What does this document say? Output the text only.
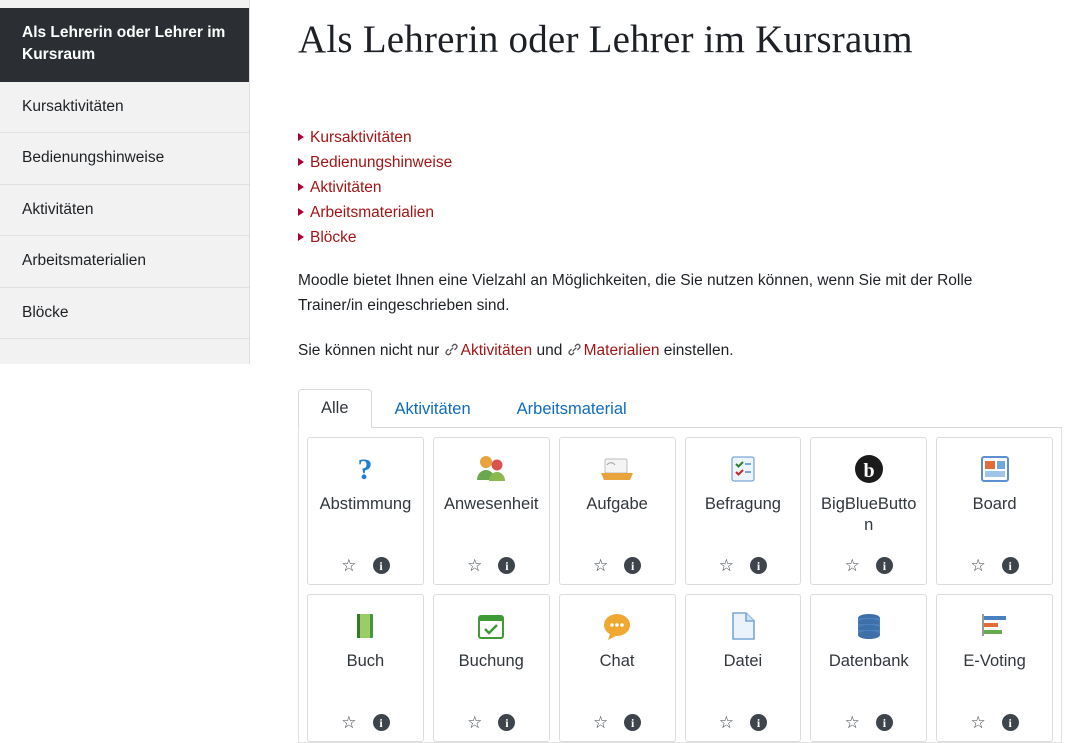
Als Lehrerin oder Lehrer im Kursraum
Kursaktivitäten
Bedienungshinweise
Aktivitäten
Arbeitsmaterialien
Blöcke
Als Lehrerin oder Lehrer im Kursraum
Kursaktivitäten
Bedienungshinweise
Aktivitäten
Arbeitsmaterialien
Blöcke

Moodle bietet Ihnen eine Vielzahl an Möglichkeiten, die Sie nutzen können, wenn Sie mit der Rolle Trainer/in eingeschrieben sind.

Sie können nicht nur Aktivitäten und Materialien einstellen.

Alle	Aktivitäten	Arbeitsmaterial
?
Abstimmung
☆	i
Anwesenheit
☆	i
Aufgabe
☆	i
Befragung
☆	i
b
BigBlueButton
☆	i
Board
☆	i
Buch
☆	i
Buchung
☆	i
Chat
☆	i
Datei
☆	i
Datenbank
☆	i
E-Voting
☆	i
